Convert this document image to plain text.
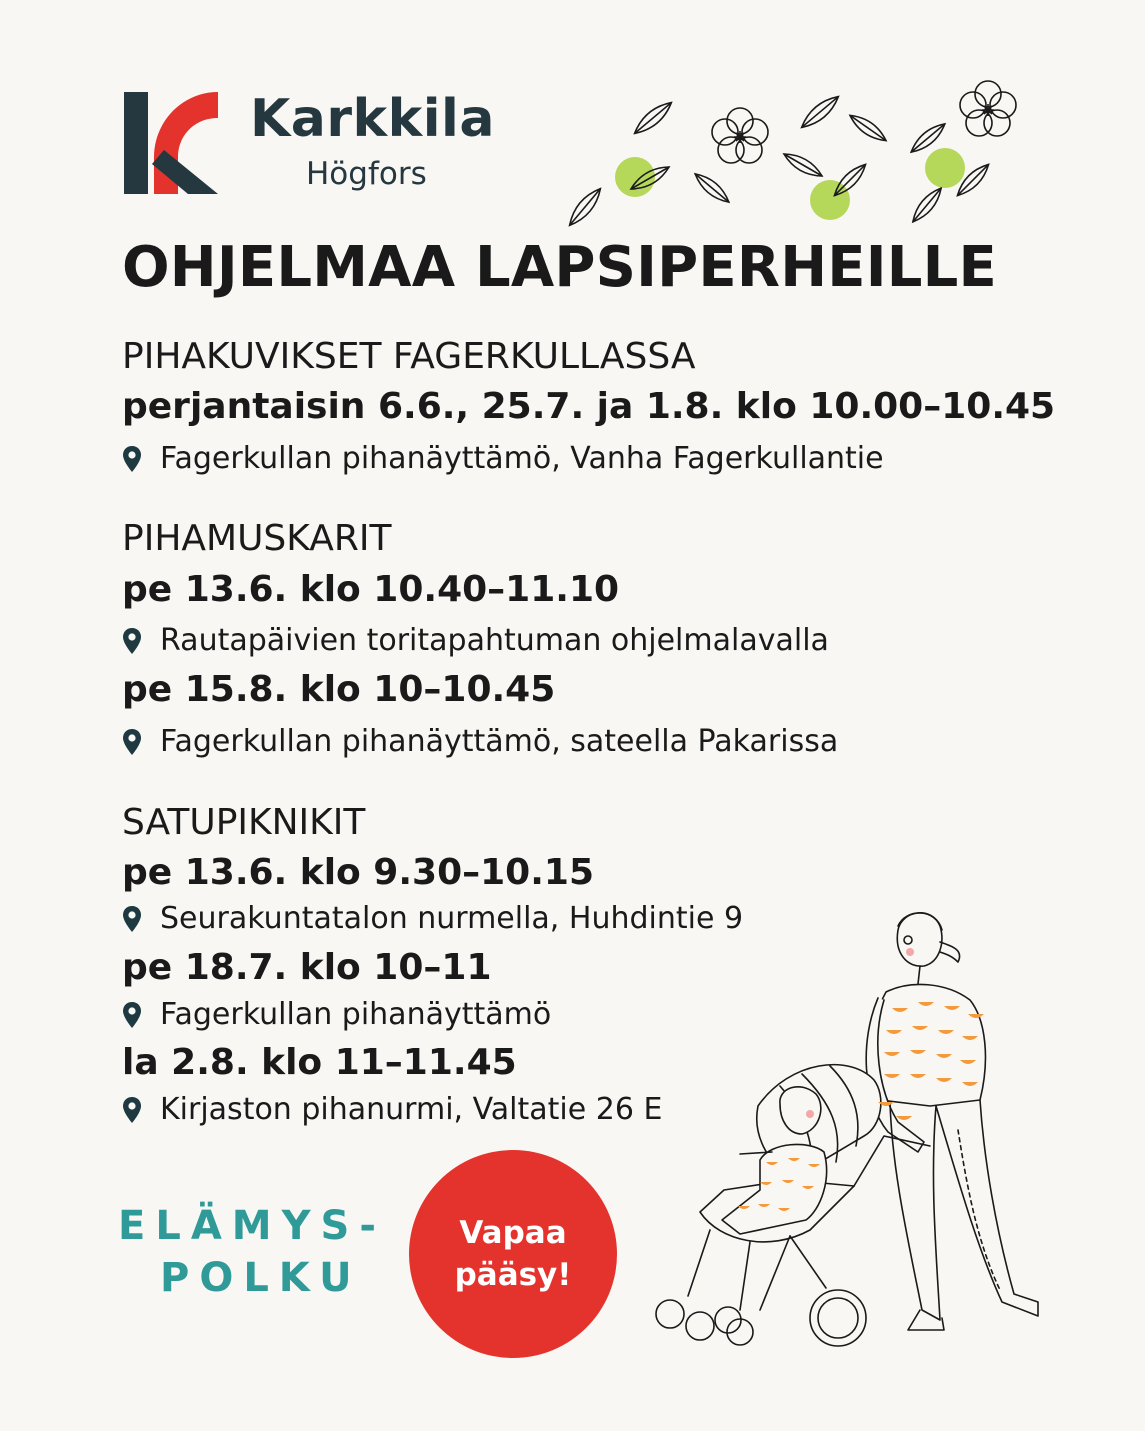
Karkkila
Högfors
OHJELMAA LAPSIPERHEILLE
PIHAKUVIKSET FAGERKULLASSA
perjantaisin 6.6., 25.7. ja 1.8. klo 10.00–10.45
Fagerkullan pihanäyttämö, Vanha Fagerkullantie
PIHAMUSKARIT
pe 13.6. klo 10.40–11.10
Rautapäivien toritapahtuman ohjelmalavalla
pe 15.8. klo 10–10.45
Fagerkullan pihanäyttämö, sateella Pakarissa
SATUPIKNIKIT
pe 13.6. klo 9.30–10.15
Seurakuntatalon nurmella, Huhdintie 9
pe 18.7. klo 10–11
Fagerkullan pihanäyttämö
la 2.8. klo 11–11.45
Kirjaston pihanurmi, Valtatie 26 E
ELÄMYS-
POLKU
Vapaa
pääsy!
